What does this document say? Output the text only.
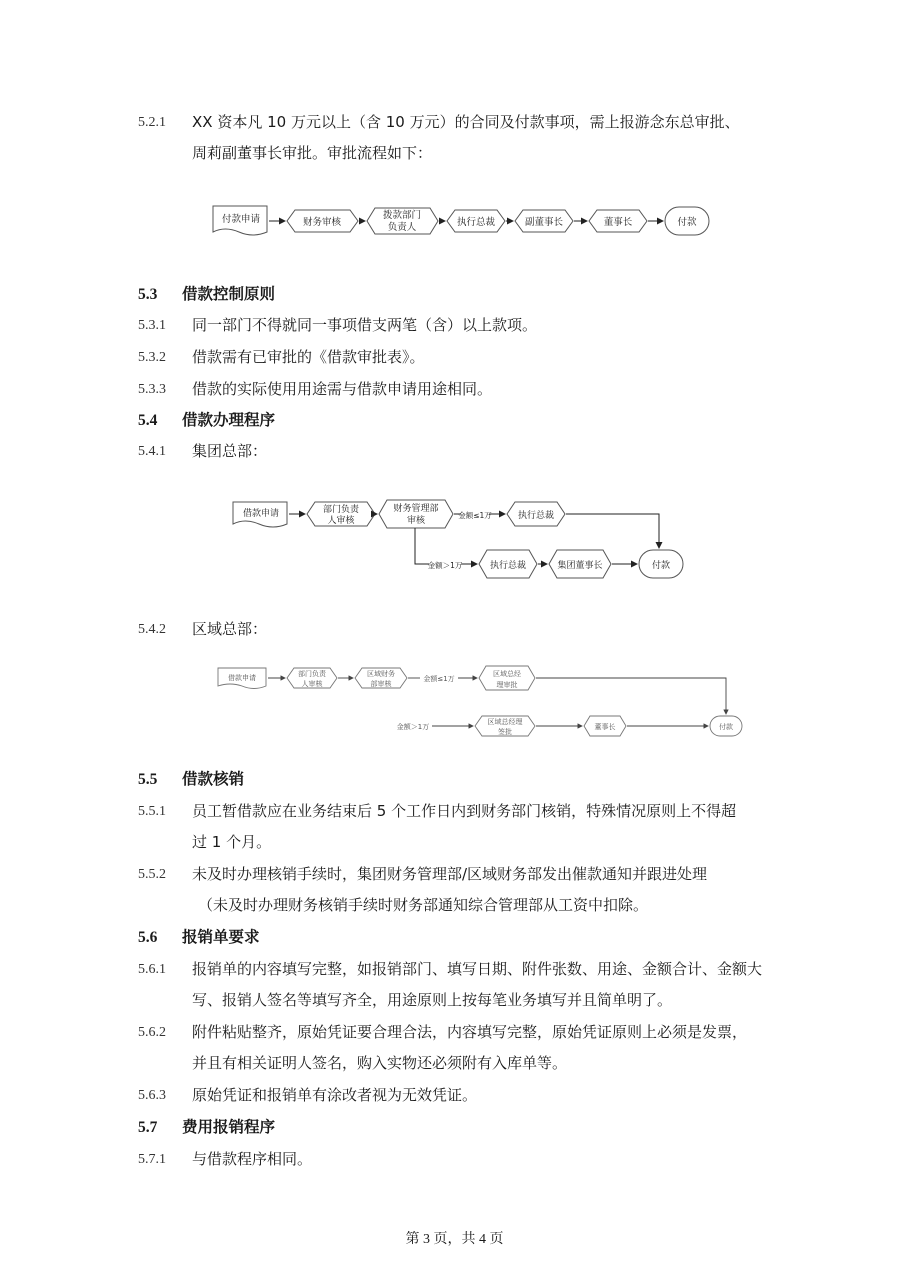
5.2.1	XX 资本凡 10 万元以上（含 10 万元）的合同及付款事项，需上报游念东总审批、
周莉副董事长审批。审批流程如下：
付款申请	财务审核
拨款部门
负责人	执行总裁	副董事长	董事长	付款
5.3 借款控制原则
5.3.1	同一部门不得就同一事项借支两笔（含）以上款项。
5.3.2	借款需有已审批的《借款审批表》。
5.3.3	借款的实际使用用途需与借款申请用途相同。
5.4 借款办理程序
5.4.1	集团总部：
借款申请	部门负责
人审核
财务管理部
审核
金额≤1万	执行总裁
金额＞1万	执行总裁	集团董事长	付款
5.4.2	区域总部：
借款申请	部门负责
人审核
区域财务
部审核
金额≤1万
区域总经
理审批
金额＞1万
区域总经理
签批
董事长	付款
5.5 借款核销
5.5.1	员工暂借款应在业务结束后 5 个工作日内到财务部门核销，特殊情况原则上不得超
过 1 个月。
5.5.2	未及时办理核销手续时，集团财务管理部/区域财务部发出催款通知并跟进处理
（未及时办理财务核销手续时财务部通知综合管理部从工资中扣除。
5.6 报销单要求
5.6.1	报销单的内容填写完整，如报销部门、填写日期、附件张数、用途、金额合计、金额大
写、报销人签名等填写齐全，用途原则上按每笔业务填写并且简单明了。
5.6.2	附件粘贴整齐，原始凭证要合理合法，内容填写完整，原始凭证原则上必须是发票，
并且有相关证明人签名，购入实物还必须附有入库单等。
5.6.3	原始凭证和报销单有涂改者视为无效凭证。
5.7 费用报销程序
5.7.1	与借款程序相同。
第 3 页，共 4 页
